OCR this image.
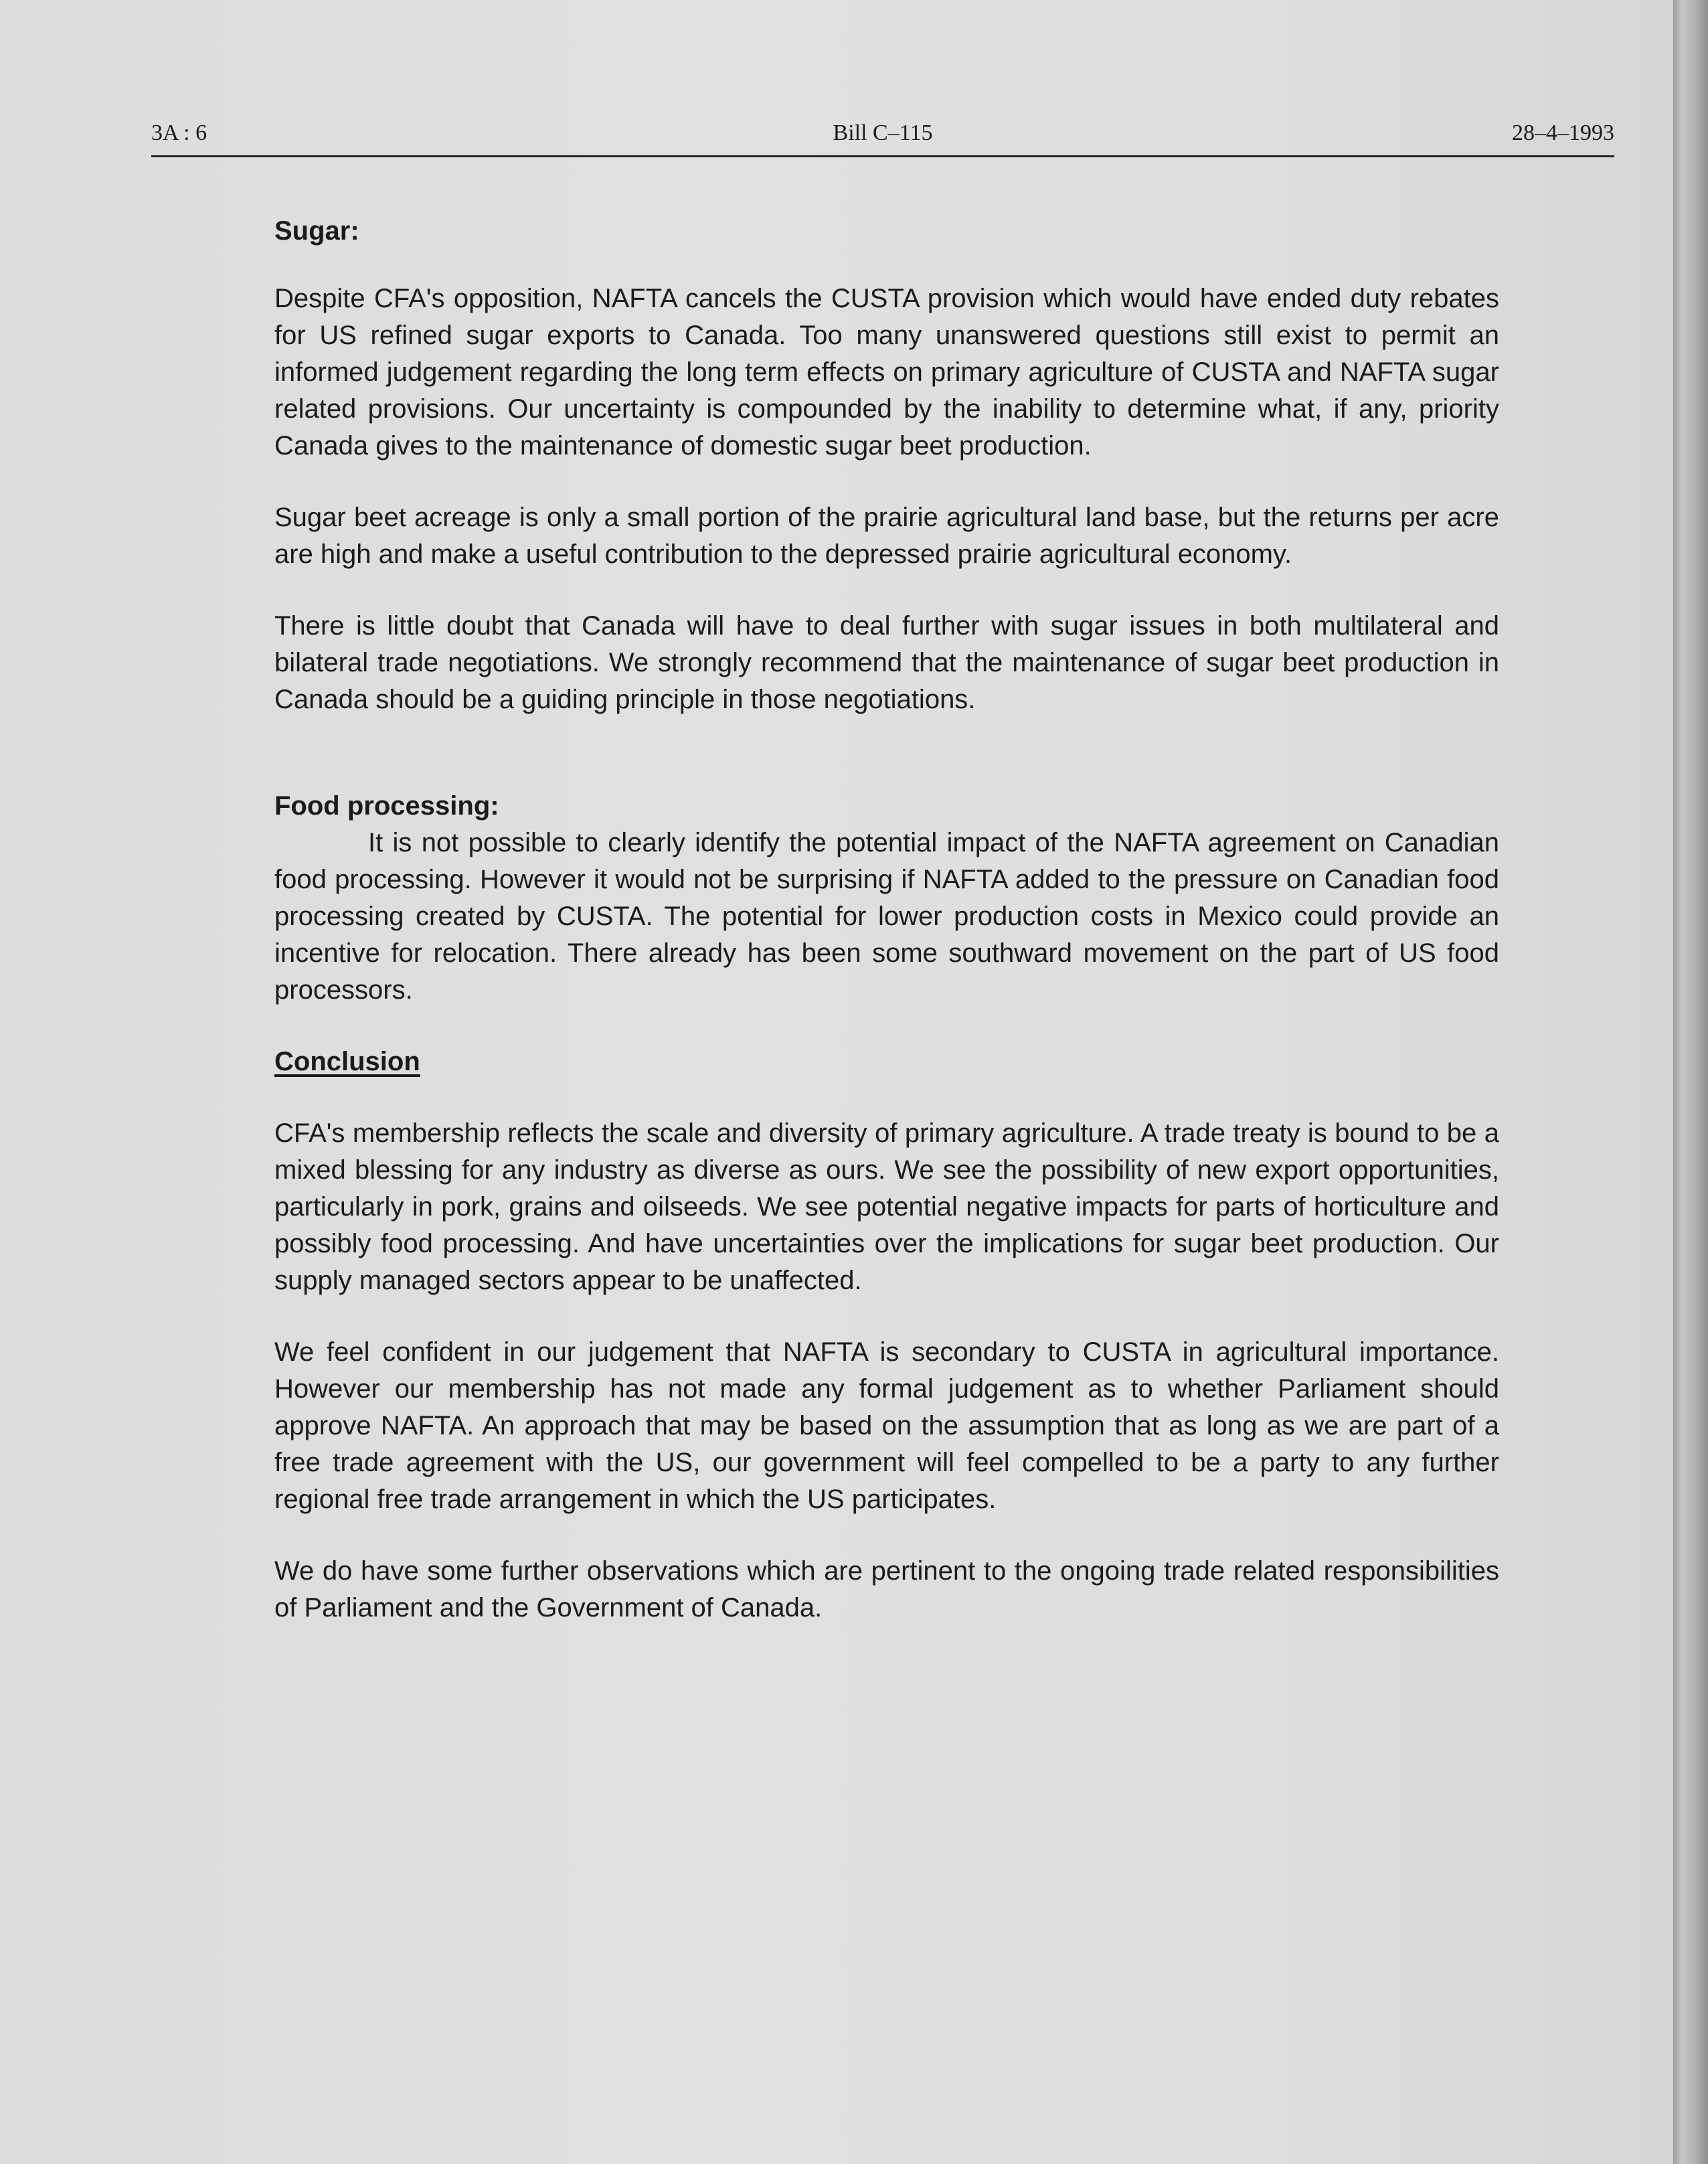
3A : 6	Bill C–115	28–4–1993
Sugar:

Despite CFA's opposition, NAFTA cancels the CUSTA provision which would have ended duty rebates for US refined sugar exports to Canada. Too many unanswered questions still exist to permit an informed judgement regarding the long term effects on primary agriculture of CUSTA and NAFTA sugar related provisions. Our uncertainty is compounded by the inability to determine what, if any, priority Canada gives to the maintenance of domestic sugar beet production.

Sugar beet acreage is only a small portion of the prairie agricultural land base, but the returns per acre are high and make a useful contribution to the depressed prairie agricultural economy.

There is little doubt that Canada will have to deal further with sugar issues in both multilateral and bilateral trade negotiations. We strongly recommend that the maintenance of sugar beet production in Canada should be a guiding principle in those negotiations.

Food processing:

It is not possible to clearly identify the potential impact of the NAFTA agreement on Canadian food processing. However it would not be surprising if NAFTA added to the pressure on Canadian food processing created by CUSTA. The potential for lower production costs in Mexico could provide an incentive for relocation. There already has been some southward movement on the part of US food processors.

Conclusion

CFA's membership reflects the scale and diversity of primary agriculture. A trade treaty is bound to be a mixed blessing for any industry as diverse as ours. We see the possibility of new export opportunities, particularly in pork, grains and oilseeds. We see potential negative impacts for parts of horticulture and possibly food processing. And have uncertainties over the implications for sugar beet production. Our supply managed sectors appear to be unaffected.

We feel confident in our judgement that NAFTA is secondary to CUSTA in agricultural importance. However our membership has not made any formal judgement as to whether Parliament should approve NAFTA. An approach that may be based on the assumption that as long as we are part of a free trade agreement with the US, our government will feel compelled to be a party to any further regional free trade arrangement in which the US participates.

We do have some further observations which are pertinent to the ongoing trade related responsibilities of Parliament and the Government of Canada.
